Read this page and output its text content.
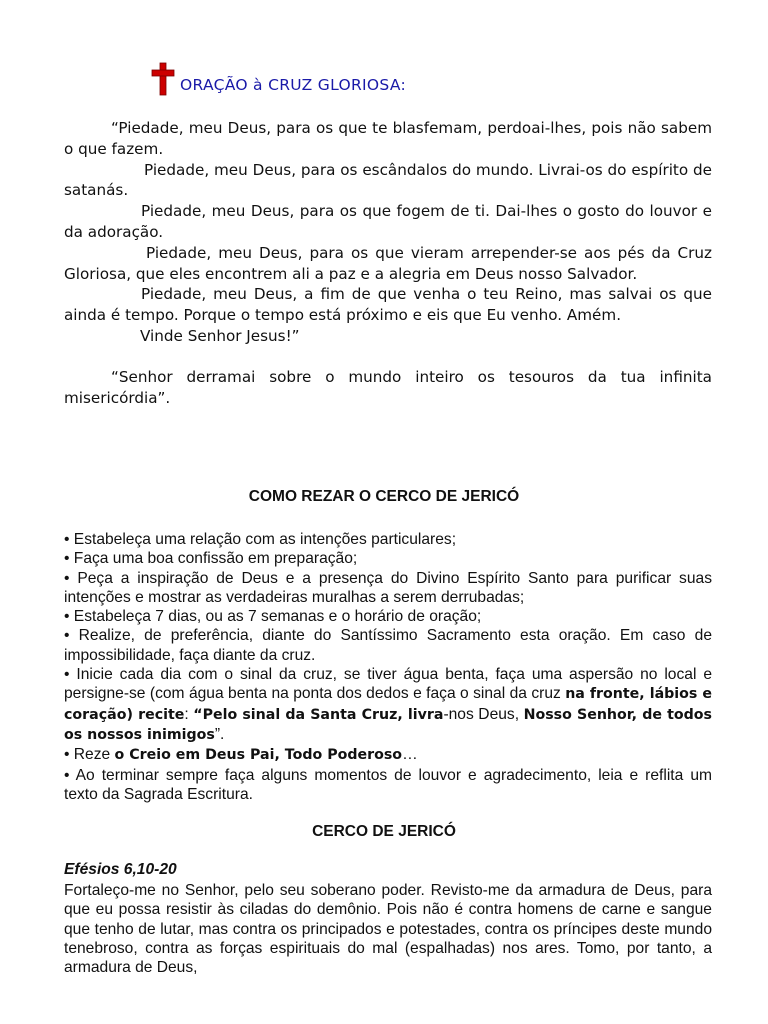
ORAÇÃO à CRUZ GLORIOSA:

“Piedade, meu Deus, para os que te blasfemam, perdoai-lhes, pois não sabem o que fazem.

Piedade, meu Deus, para os escândalos do mundo. Livrai-os do espírito de satanás.

Piedade, meu Deus, para os que fogem de ti. Dai-lhes o gosto do louvor e da adoração.

Piedade, meu Deus, para os que vieram arrepender-se aos pés da Cruz Gloriosa, que eles encontrem ali a paz e a alegria em Deus nosso Salvador.

Piedade, meu Deus, a fim de que venha o teu Reino, mas salvai os que ainda é tempo. Porque o tempo está próximo e eis que Eu venho. Amém.

Vinde Senhor Jesus!”

“Senhor derramai sobre o mundo inteiro os tesouros da tua infinita misericórdia”.

COMO REZAR O CERCO DE JERICÓ

• Estabeleça uma relação com as intenções particulares;

• Faça uma boa confissão em preparação;

• Peça a inspiração de Deus e a presença do Divino Espírito Santo para purificar suas intenções e mostrar as verdadeiras muralhas a serem derrubadas;

• Estabeleça 7 dias, ou as 7 semanas e o horário de oração;

• Realize, de preferência, diante do Santíssimo Sacramento esta oração. Em caso de impossibilidade, faça diante da cruz.

• Inicie cada dia com o sinal da cruz, se tiver água benta, faça uma aspersão no local e persigne-se (com água benta na ponta dos dedos e faça o sinal da cruz na fronte, lábios e coração) recite: “Pelo sinal da Santa Cruz, livra-nos Deus, Nosso Senhor, de todos os nossos inimigos”.

• Reze o Creio em Deus Pai, Todo Poderoso…

• Ao terminar sempre faça alguns momentos de louvor e agradecimento, leia e reflita um texto da Sagrada Escritura.

CERCO DE JERICÓ
Efésios 6,10-20

Fortaleço-me no Senhor, pelo seu soberano poder. Revisto-me da armadura de Deus, para que eu possa resistir às ciladas do demônio. Pois não é contra homens de carne e sangue que tenho de lutar, mas contra os principados e potestades, contra os príncipes deste mundo tenebroso, contra as forças espirituais do mal (espalhadas) nos ares. Tomo, por tanto, a armadura de Deus,
